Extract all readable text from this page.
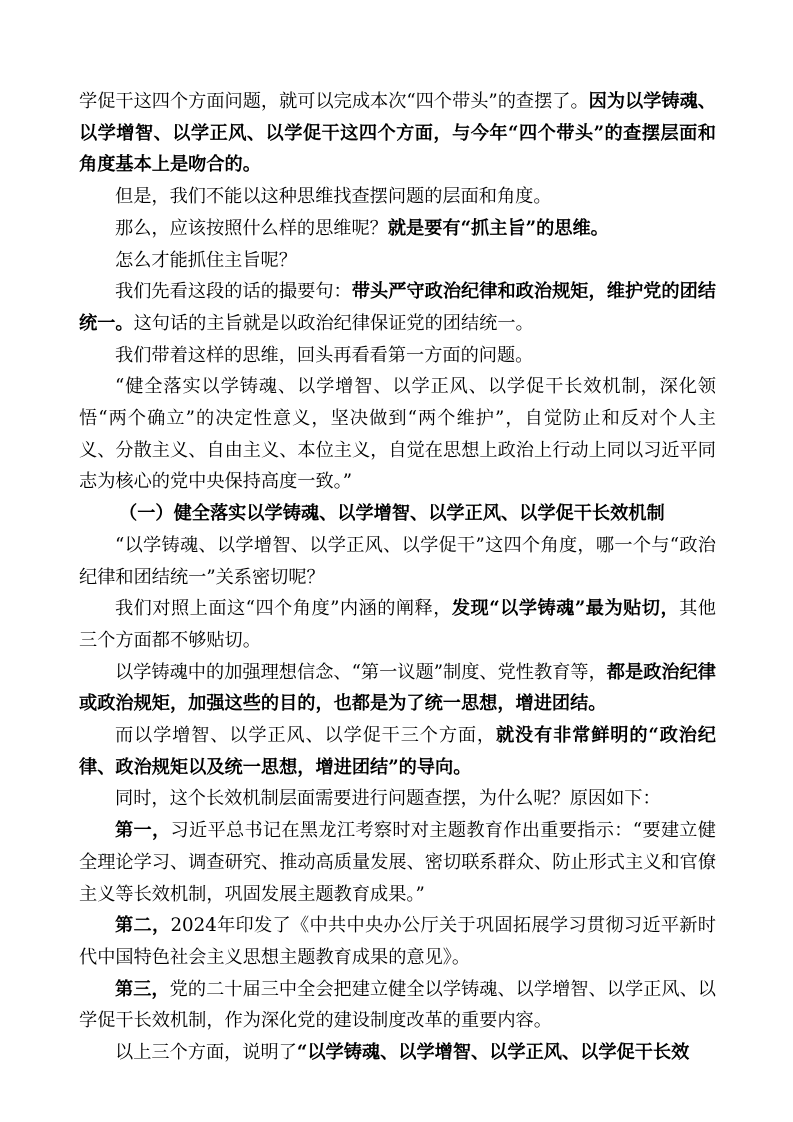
学促干这四个方面问题，就可以完成本次“四个带头”的查摆了。因为以学铸魂、以学增智、以学正风、以学促干这四个方面，与今年“四个带头”的查摆层面和角度基本上是吻合的。

但是，我们不能以这种思维找查摆问题的层面和角度。

那么，应该按照什么样的思维呢？就是要有“抓主旨”的思维。

怎么才能抓住主旨呢？

我们先看这段的话的撮要句：带头严守政治纪律和政治规矩，维护党的团结统一。这句话的主旨就是以政治纪律保证党的团结统一。

我们带着这样的思维，回头再看看第一方面的问题。

“健全落实以学铸魂、以学增智、以学正风、以学促干长效机制，深化领悟“两个确立”的决定性意义，坚决做到“两个维护”，自觉防止和反对个人主义、分散主义、自由主义、本位主义，自觉在思想上政治上行动上同以习近平同志为核心的党中央保持高度一致。”

（一）健全落实以学铸魂、以学增智、以学正风、以学促干长效机制

“以学铸魂、以学增智、以学正风、以学促干”这四个角度，哪一个与“政治纪律和团结统一”关系密切呢？

我们对照上面这“四个角度”内涵的阐释，发现“以学铸魂”最为贴切，其他三个方面都不够贴切。

以学铸魂中的加强理想信念、“第一议题”制度、党性教育等，都是政治纪律或政治规矩，加强这些的目的，也都是为了统一思想，增进团结。

而以学增智、以学正风、以学促干三个方面，就没有非常鲜明的“政治纪律、政治规矩以及统一思想，增进团结”的导向。

同时，这个长效机制层面需要进行问题查摆，为什么呢？原因如下：

第一，习近平总书记在黑龙江考察时对主题教育作出重要指示：“要建立健全理论学习、调查研究、推动高质量发展、密切联系群众、防止形式主义和官僚主义等长效机制，巩固发展主题教育成果。”

第二，2024年印发了《中共中央办公厅关于巩固拓展学习贯彻习近平新时代中国特色社会主义思想主题教育成果的意见》。

第三，党的二十届三中全会把建立健全以学铸魂、以学增智、以学正风、以学促干长效机制，作为深化党的建设制度改革的重要内容。

以上三个方面，说明了“以学铸魂、以学增智、以学正风、以学促干长效
